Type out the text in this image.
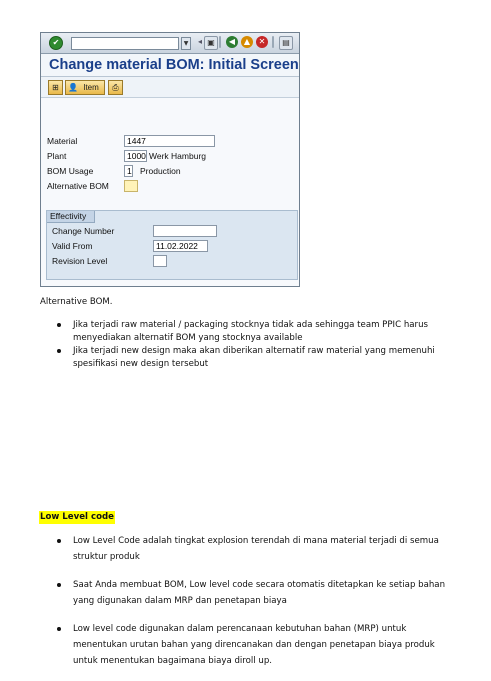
✔	▼	◂ ▣	◀	▲	✕	▤
Change material BOM: Initial Screen
⊞	👤 Item	⎙
Material	1447
Plant	1000 Werk Hamburg
BOM Usage	1 Production
Alternative BOM
Effectivity
Change Number
Valid From	11.02.2022
Revision Level
Alternative BOM.
Jika terjadi raw material / packaging stocknya tidak ada sehingga team PPIC harus menyediakan alternatif BOM yang stocknya available
Jika terjadi new design maka akan diberikan alternatif raw material yang memenuhi spesifikasi new design tersebut
Low Level code
Low Level Code adalah tingkat explosion terendah di mana material terjadi di semua struktur produk
Saat Anda membuat BOM, Low level code secara otomatis ditetapkan ke setiap bahan yang digunakan dalam MRP dan penetapan biaya
Low level code digunakan dalam perencanaan kebutuhan bahan (MRP) untuk menentukan urutan bahan yang direncanakan dan dengan penetapan biaya produk untuk menentukan bagaimana biaya diroll up.
